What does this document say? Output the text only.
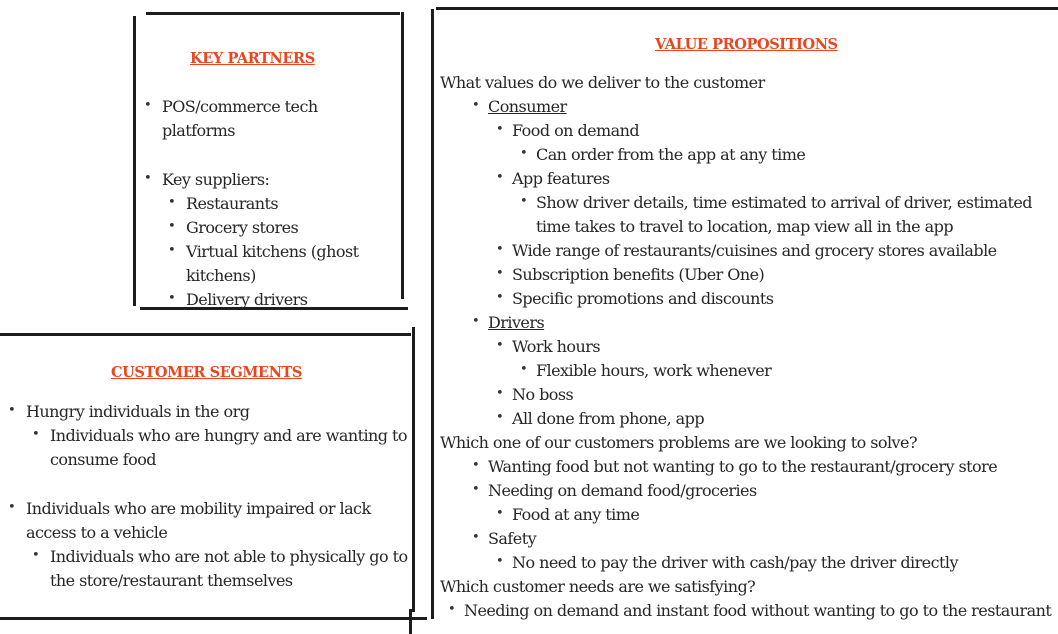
KEY PARTNERS
• POS/commerce tech platforms
• Key suppliers:
• Restaurants
• Grocery stores
• Virtual kitchens (ghost kitchens)
• Delivery drivers
CUSTOMER SEGMENTS
• Hungry individuals in the org
• Individuals who are hungry and are wanting to consume food
• Individuals who are mobility impaired or lack access to a vehicle
• Individuals who are not able to physically go to the store/restaurant themselves
VALUE PROPOSITIONS
What values do we deliver to the customer
• Consumer
• Food on demand
• Can order from the app at any time
• App features
• Show driver details, time estimated to arrival of driver, estimated time takes to travel to location, map view all in the app
• Wide range of restaurants/cuisines and grocery stores available
• Subscription benefits (Uber One)
• Specific promotions and discounts
• Drivers
• Work hours
• Flexible hours, work whenever
• No boss
• All done from phone, app
Which one of our customers problems are we looking to solve?
• Wanting food but not wanting to go to the restaurant/grocery store
• Needing on demand food/groceries
• Food at any time
• Safety
• No need to pay the driver with cash/pay the driver directly
Which customer needs are we satisfying?
• Needing on demand and instant food without wanting to go to the restaurant
